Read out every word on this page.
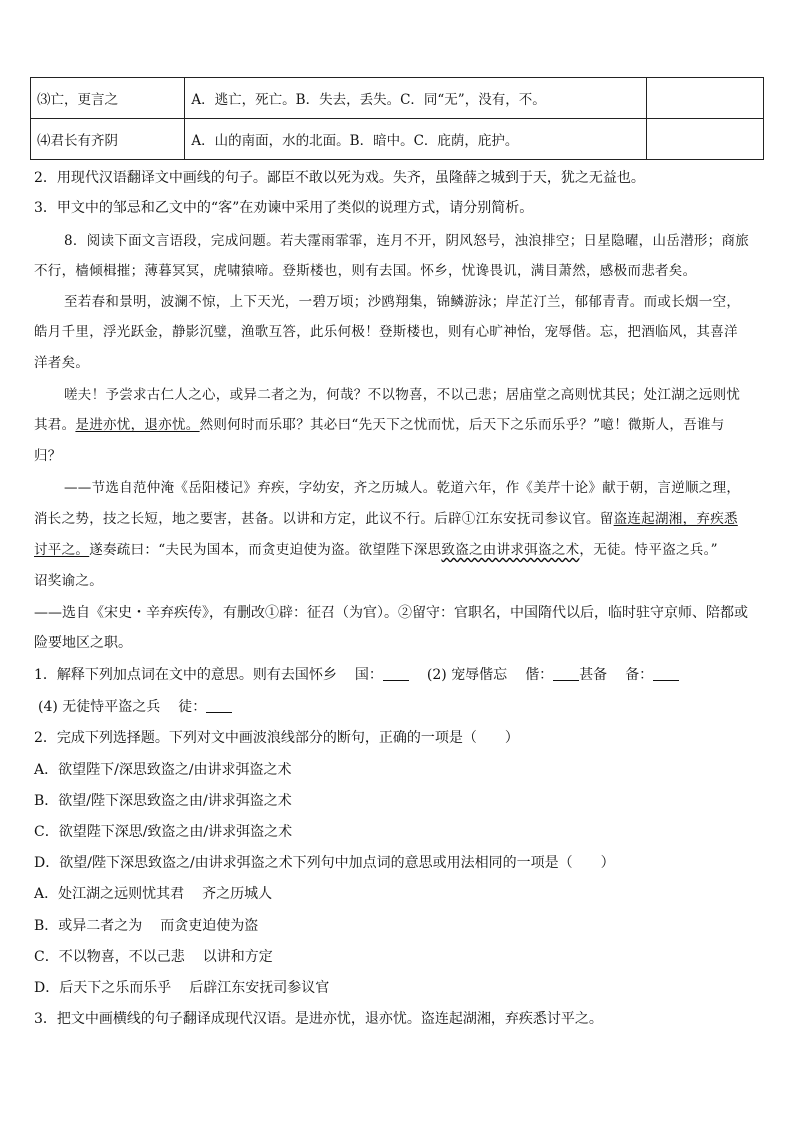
⑶亡，更言之	A．逃亡，死亡。B．失去，丢失。C．同“无”，没有，不。	
⑷君长有齐阴	A．山的南面，水的北面。B．暗中。C．庇荫，庇护。	
2．用现代汉语翻译文中画线的句子。鄙臣不敢以死为戏。失齐，虽隆薛之城到于天，犹之无益也。
3．甲文中的邹忌和乙文中的“客”在劝谏中采用了类似的说理方式，请分别简析。
8．阅读下面文言语段，完成问题。若夫霪雨霏霏，连月不开，阴风怒号，浊浪排空；日星隐曜，山岳潜形；商旅
不行，樯倾楫摧；薄暮冥冥，虎啸猿啼。登斯楼也，则有去国。怀乡，忧谗畏讥，满目萧然，感极而悲者矣。
至若春和景明，波澜不惊，上下天光，一碧万顷；沙鸥翔集，锦鳞游泳；岸芷汀兰，郁郁青青。而或长烟一空，
皓月千里，浮光跃金，静影沉璧，渔歌互答，此乐何极！登斯楼也，则有心旷神怡，宠辱偕。忘，把酒临风，其喜洋
洋者矣。
嗟夫！予尝求古仁人之心，或异二者之为，何哉？不以物喜，不以己悲；居庙堂之高则忧其民；处江湖之远则忧
其君。是进亦忧，退亦忧。然则何时而乐耶？其必曰“先天下之忧而忧，后天下之乐而乐乎？”噫！微斯人，吾谁与
归？
——节选自范仲淹《岳阳楼记》弃疾，字幼安，齐之历城人。乾道六年，作《美芹十论》献于朝，言逆顺之理，
消长之势，技之长短，地之要害，甚备。以讲和方定，此议不行。后辟①江东安抚司参议官。留盗连起湖湘，弃疾悉
讨平之。遂奏疏曰：“夫民为国本，而贪吏迫使为盗。欲望陛下深思致盗之由讲求弭盗之术，无徒。恃平盗之兵。”
诏奖谕之。
——选自《宋史・辛弃疾传》，有删改①辟：征召（为官）。②留守：官职名，中国隋代以后，临时驻守京师、陪都或
险要地区之职。
1．解释下列加点词在文中的意思。则有去国怀乡 国：	(2) 宠辱偕忘 偕： 甚备 备：
(4) 无徒恃平盗之兵 徒：
2．完成下列选择题。下列对文中画波浪线部分的断句，正确的一项是（　　）
A．欲望陛下/深思致盗之/由讲求弭盗之术
B．欲望/陛下深思致盗之由/讲求弭盗之术
C．欲望陛下深思/致盗之由/讲求弭盗之术
D．欲望/陛下深思致盗之/由讲求弭盗之术下列句中加点词的意思或用法相同的一项是（　　）
A．处江湖之远则忧其君 齐之历城人
B．或异二者之为 而贪吏迫使为盗
C．不以物喜，不以己悲 以讲和方定
D．后天下之乐而乐乎 后辟江东安抚司参议官
3．把文中画横线的句子翻译成现代汉语。是进亦忧，退亦忧。盗连起湖湘，弃疾悉讨平之。
